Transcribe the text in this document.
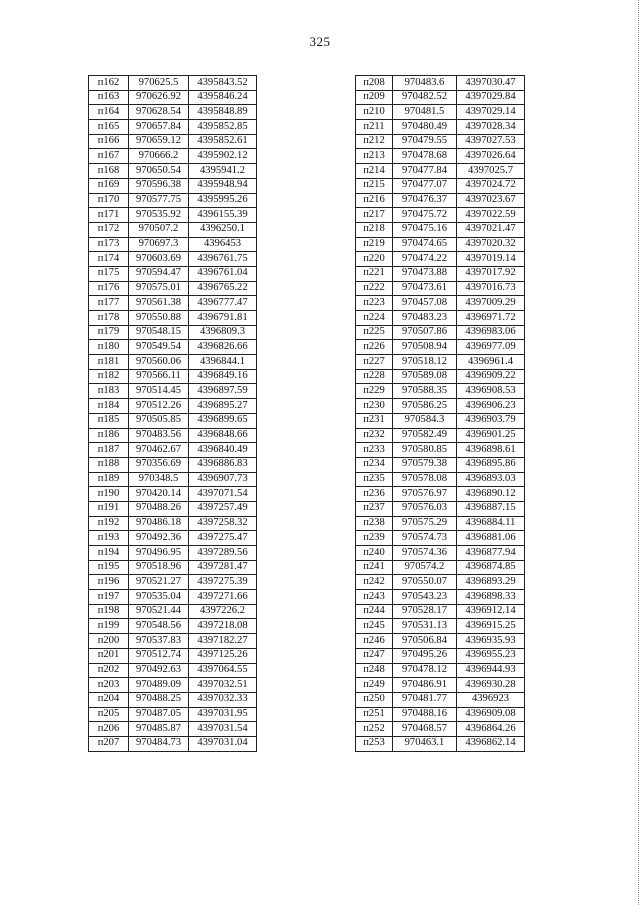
325
п162	970625.5	4395843.52
п163	970626.92	4395846.24
п164	970628.54	4395848.89
п165	970657.84	4395852.85
п166	970659.12	4395852.61
п167	970666.2	4395902.12
п168	970650.54	4395941.2
п169	970596.38	4395948.94
п170	970577.75	4395995.26
п171	970535.92	4396155.39
п172	970507.2	4396250.1
п173	970697.3	4396453
п174	970603.69	4396761.75
п175	970594.47	4396761.04
п176	970575.01	4396765.22
п177	970561.38	4396777.47
п178	970550.88	4396791.81
п179	970548.15	4396809.3
п180	970549.54	4396826.66
п181	970560.06	4396844.1
п182	970566.11	4396849.16
п183	970514.45	4396897.59
п184	970512.26	4396895.27
п185	970505.85	4396899.65
п186	970483.56	4396848.66
п187	970462.67	4396840.49
п188	970356.69	4396886.83
п189	970348.5	4396907.73
п190	970420.14	4397071.54
п191	970488.26	4397257.49
п192	970486.18	4397258.32
п193	970492.36	4397275.47
п194	970496.95	4397289.56
п195	970518.96	4397281.47
п196	970521.27	4397275.39
п197	970535.04	4397271.66
п198	970521.44	4397226.2
п199	970548.56	4397218.08
п200	970537.83	4397182.27
п201	970512.74	4397125.26
п202	970492.63	4397064.55
п203	970489.09	4397032.51
п204	970488.25	4397032.33
п205	970487.05	4397031.95
п206	970485.87	4397031.54
п207	970484.73	4397031.04
п208	970483.6	4397030.47
п209	970482.52	4397029.84
п210	970481.5	4397029.14
п211	970480.49	4397028.34
п212	970479.55	4397027.53
п213	970478.68	4397026.64
п214	970477.84	4397025.7
п215	970477.07	4397024.72
п216	970476.37	4397023.67
п217	970475.72	4397022.59
п218	970475.16	4397021.47
п219	970474.65	4397020.32
п220	970474.22	4397019.14
п221	970473.88	4397017.92
п222	970473.61	4397016.73
п223	970457.08	4397009.29
п224	970483.23	4396971.72
п225	970507.86	4396983.06
п226	970508.94	4396977.09
п227	970518.12	4396961.4
п228	970589.08	4396909.22
п229	970588.35	4396908.53
п230	970586.25	4396906.23
п231	970584.3	4396903.79
п232	970582.49	4396901.25
п233	970580.85	4396898.61
п234	970579.38	4396895.86
п235	970578.08	4396893.03
п236	970576.97	4396890.12
п237	970576.03	4396887.15
п238	970575.29	4396884.11
п239	970574.73	4396881.06
п240	970574.36	4396877.94
п241	970574.2	4396874.85
п242	970550.07	4396893.29
п243	970543.23	4396898.33
п244	970528.17	4396912.14
п245	970531.13	4396915.25
п246	970506.84	4396935.93
п247	970495.26	4396955.23
п248	970478.12	4396944.93
п249	970486.91	4396930.28
п250	970481.77	4396923
п251	970488.16	4396909.08
п252	970468.57	4396864.26
п253	970463.1	4396862.14
